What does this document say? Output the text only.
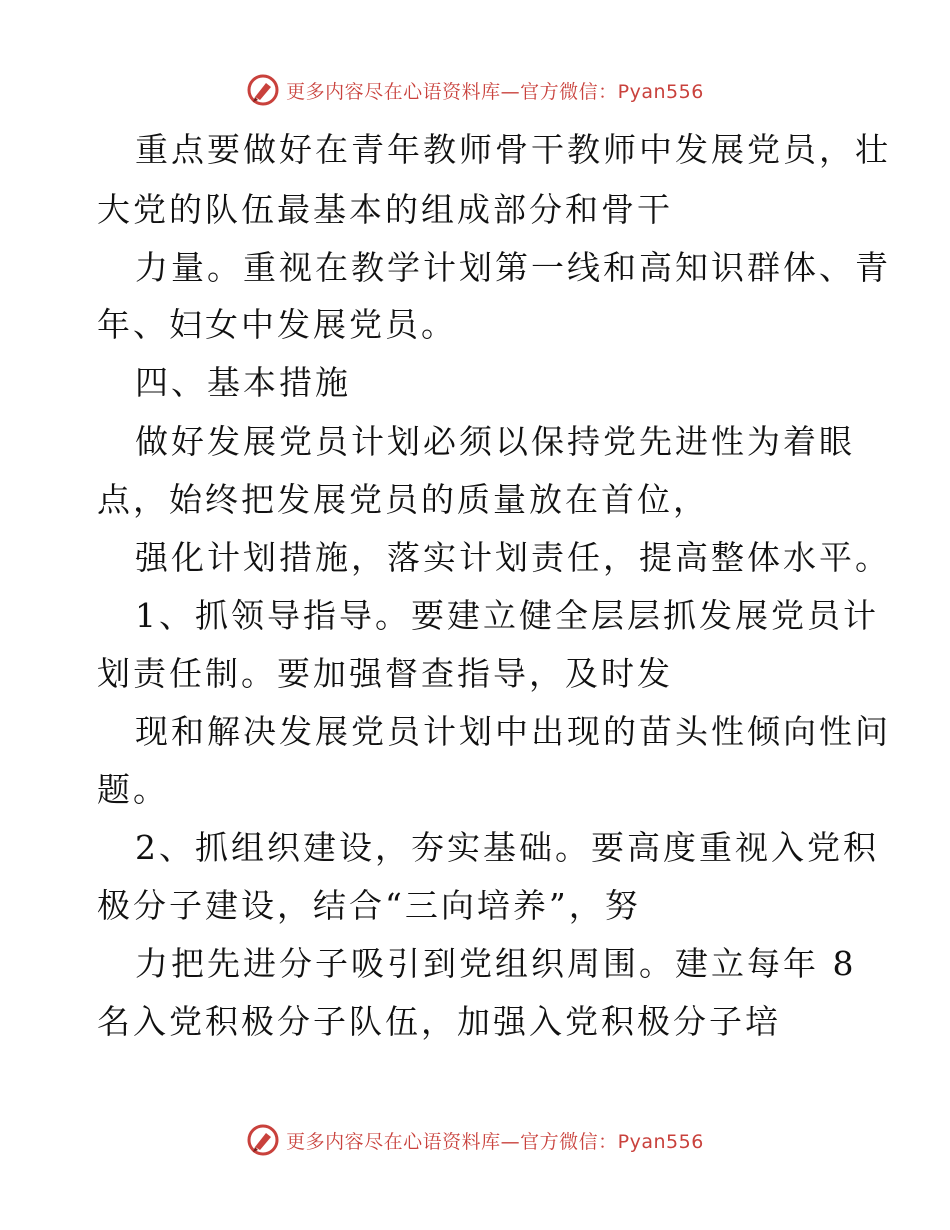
更多内容尽在心语资料库—官方微信：Pyan556
重点要做好在青年教师骨干教师中发展党员，壮
大党的队伍最基本的组成部分和骨干
力量。重视在教学计划第一线和高知识群体、青
年、妇女中发展党员。
四、基本措施
做好发展党员计划必须以保持党先进性为着眼
点，始终把发展党员的质量放在首位，
强化计划措施，落实计划责任，提高整体水平。
1、抓领导指导。要建立健全层层抓发展党员计
划责任制。要加强督查指导，及时发
现和解决发展党员计划中出现的苗头性倾向性问
题。
2、抓组织建设，夯实基础。要高度重视入党积
极分子建设，结合“三向培养”，努
力把先进分子吸引到党组织周围。建立每年 8
名入党积极分子队伍，加强入党积极分子培
更多内容尽在心语资料库—官方微信：Pyan556
